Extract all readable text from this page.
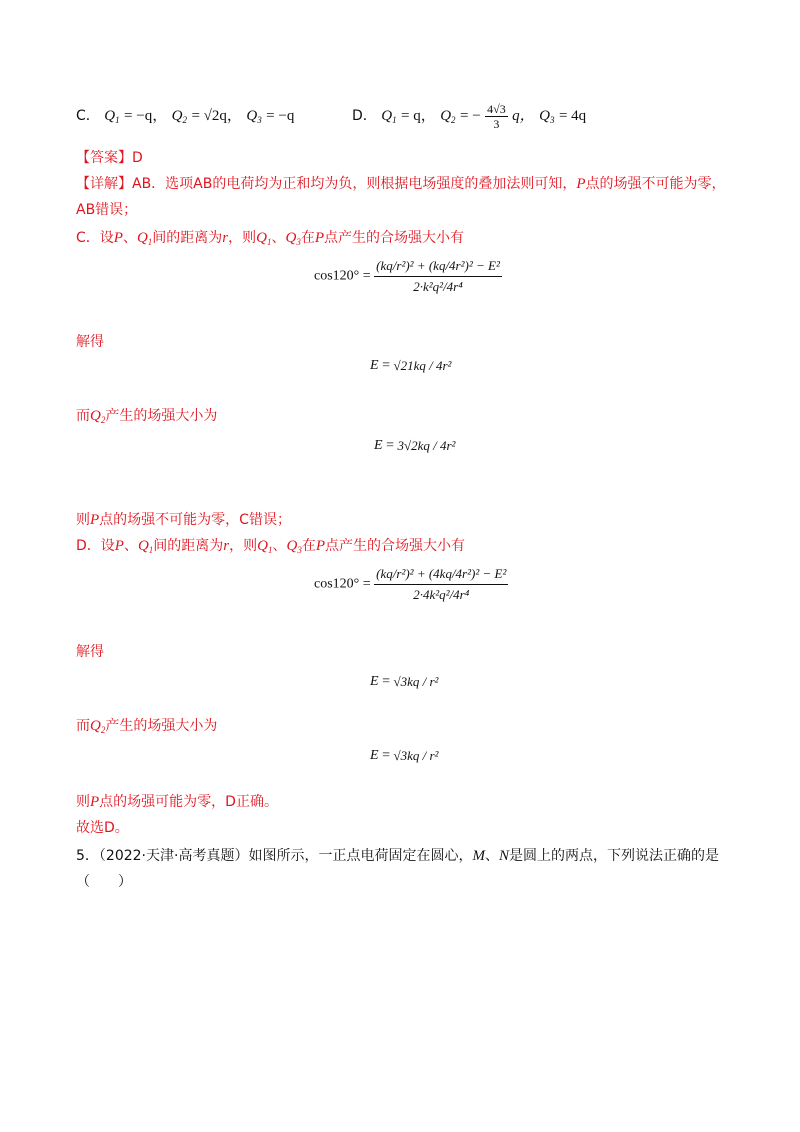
C． $Q_1 = -q$， $Q_2 = √2q$， $Q_3 = -q$	D． $Q_1 = q$， $Q_2$ = − $\frac{4√3}{3}$ q， $Q_3 = 4q$
【答案】D
【详解】AB．选项AB的电荷均为正和均为负，则根据电场强度的叠加法则可知，P点的场强不可能为零，
AB错误；
C．设P、$Q_1$间的距离为r，则$Q_1$、$Q_3$在P点产生的合场强大小有
$\cos 120^\circ = \frac{\text{(kq/r²)² + (kq/4r²)² − E²}}{\text{2·k²q²/4r⁴}}$
解得
E = √21kq / 4r²
而$Q_2$产生的场强大小为
E = 3√2kq / 4r²
则P点的场强不可能为零，C错误；
D．设P、$Q_1$间的距离为r，则$Q_1$、$Q_3$在P点产生的合场强大小有
$\cos 120^\circ = \frac{\text{(kq/r²)² + (4kq/4r²)² − E²}}{\text{2·4k²q²/4r⁴}}$
解得
E = √3kq / r²
而$Q_2$产生的场强大小为
E = √3kq / r²
则P点的场强可能为零，D正确。
故选D。
5．（2022·天津·高考真题）如图所示，一正点电荷固定在圆心，M、N是圆上的两点，下列说法正确的是
（　　）
